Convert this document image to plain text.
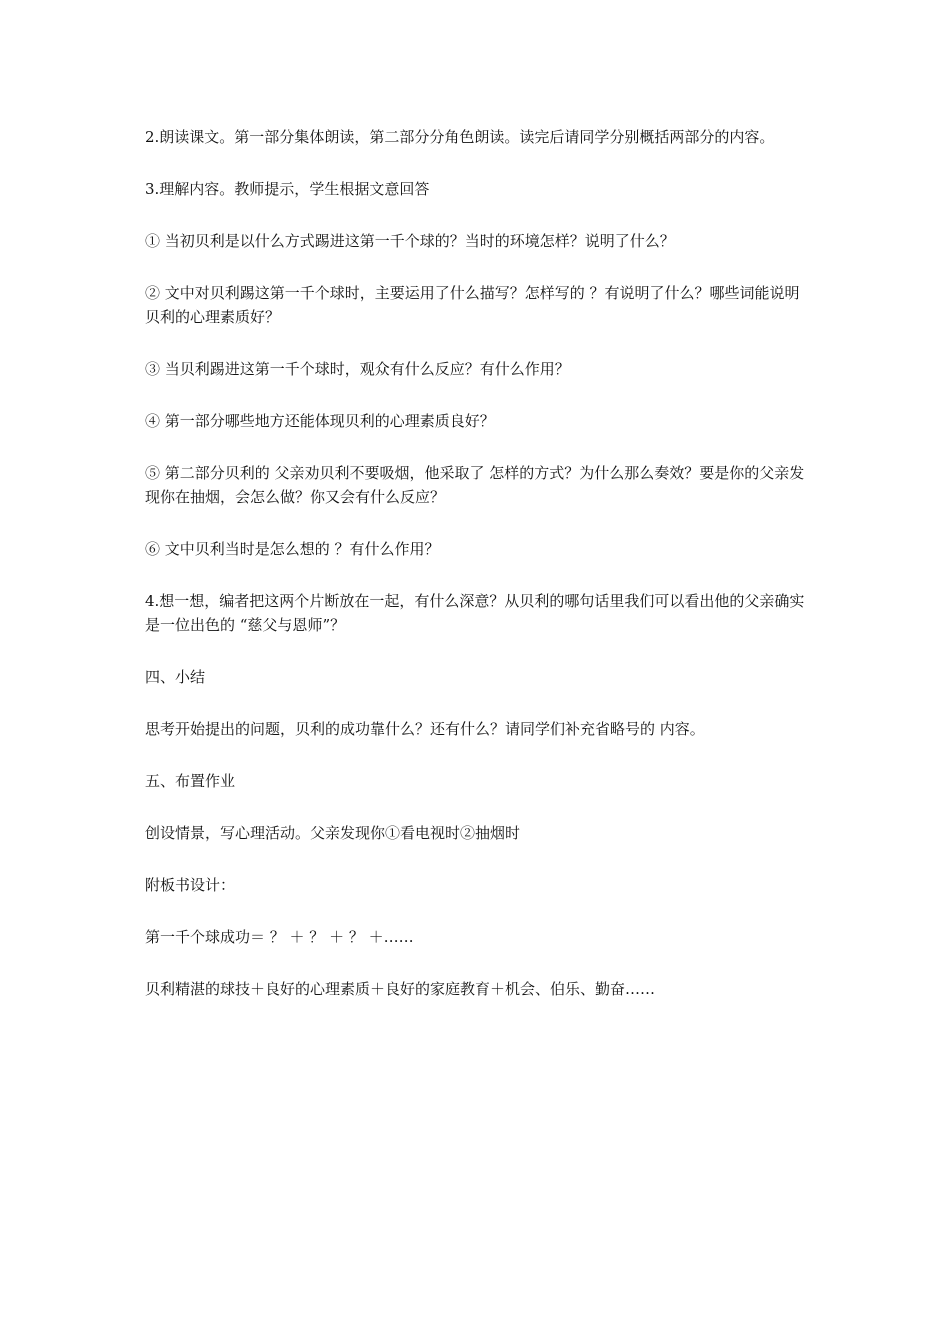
2.朗读课文。第一部分集体朗读，第二部分分角色朗读。读完后请同学分别概括两部分的内容。

3.理解内容。教师提示，学生根据文意回答

① 当初贝利是以什么方式踢进这第一千个球的？当时的环境怎样？说明了什么？

② 文中对贝利踢这第一千个球时，主要运用了什么描写？怎样写的 ？有说明了什么？哪些词能说明贝利的心理素质好？

③ 当贝利踢进这第一千个球时，观众有什么反应？有什么作用？

④ 第一部分哪些地方还能体现贝利的心理素质良好？

⑤ 第二部分贝利的 父亲劝贝利不要吸烟，他采取了 怎样的方式？为什么那么奏效？要是你的父亲发现你在抽烟，会怎么做？你又会有什么反应？

⑥ 文中贝利当时是怎么想的 ？有什么作用？

4.想一想，编者把这两个片断放在一起，有什么深意？从贝利的哪句话里我们可以看出他的父亲确实是一位出色的 “慈父与恩师”？

四、小结

思考开始提出的问题，贝利的成功靠什么？还有什么？请同学们补充省略号的 内容。

五、布置作业

创设情景，写心理活动。父亲发现你①看电视时②抽烟时

附板书设计：

第一千个球成功＝ ？ ＋ ？ ＋ ？ ＋……

贝利精湛的球技＋良好的心理素质＋良好的家庭教育＋机会、伯乐、勤奋……
